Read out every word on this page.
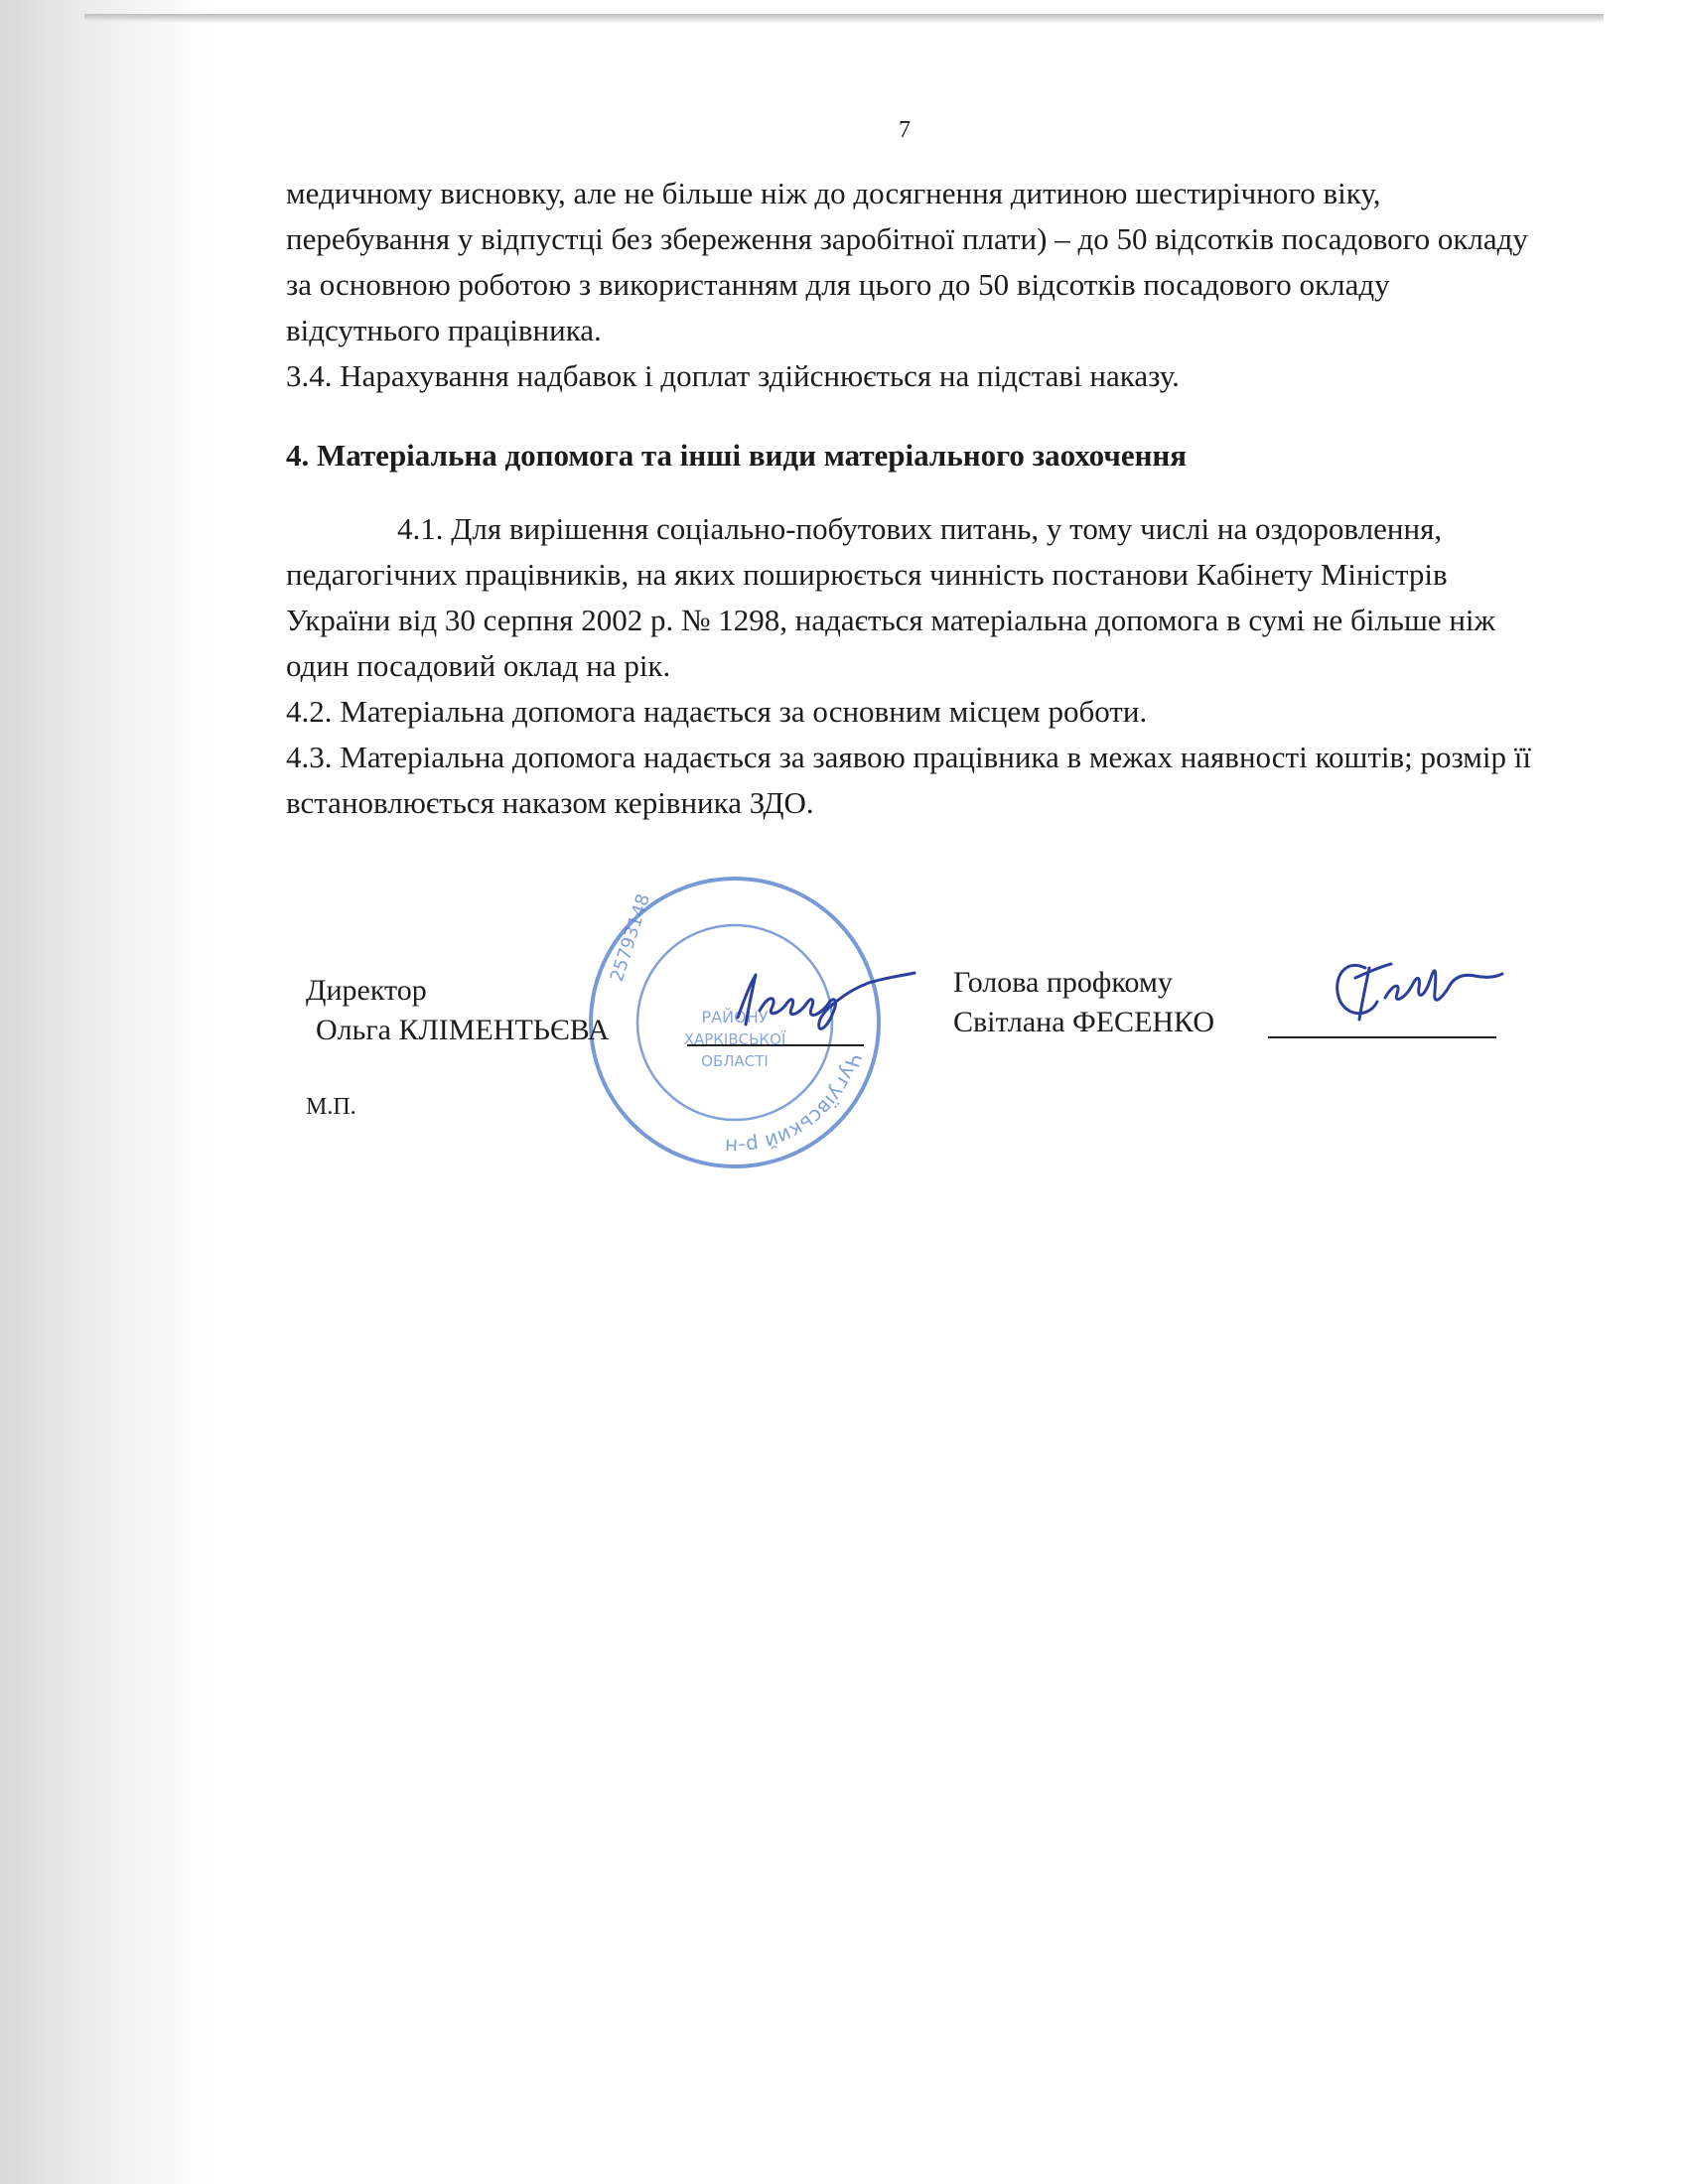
7

медичному висновку, але не більше ніж до досягнення дитиною шестирічного віку, перебування у відпустці без збереження заробітної плати) – до 50 відсотків посадового окладу за основною роботою з використанням для цього до 50 відсотків посадового окладу відсутнього працівника.

3.4. Нарахування надбавок і доплат здійснюється на підставі наказу.

4. Матеріальна допомога та інші види матеріального заохочення

4.1. Для вирішення соціально-побутових питань, у тому числі на оздоровлення, педагогічних працівників, на яких поширюється чинність постанови Кабінету Міністрів України від 30 серпня 2002 р. № 1298, надається матеріальна допомога в сумі не більше ніж один посадовий оклад на рік.

4.2. Матеріальна допомога надається за основним місцем роботи.

4.3. Матеріальна допомога надається за заявою працівника в межах наявності коштів; розмір її встановлюється наказом керівника ЗДО.

Чугуївський р-н
25793148
РАЙОНУ
ХАРКІВСЬКОЇ
ОБЛАСТІ
Директор
Ольга КЛІМЕНТЬЄВА
М.П.
Голова профкому
Світлана ФЕСЕНКО
